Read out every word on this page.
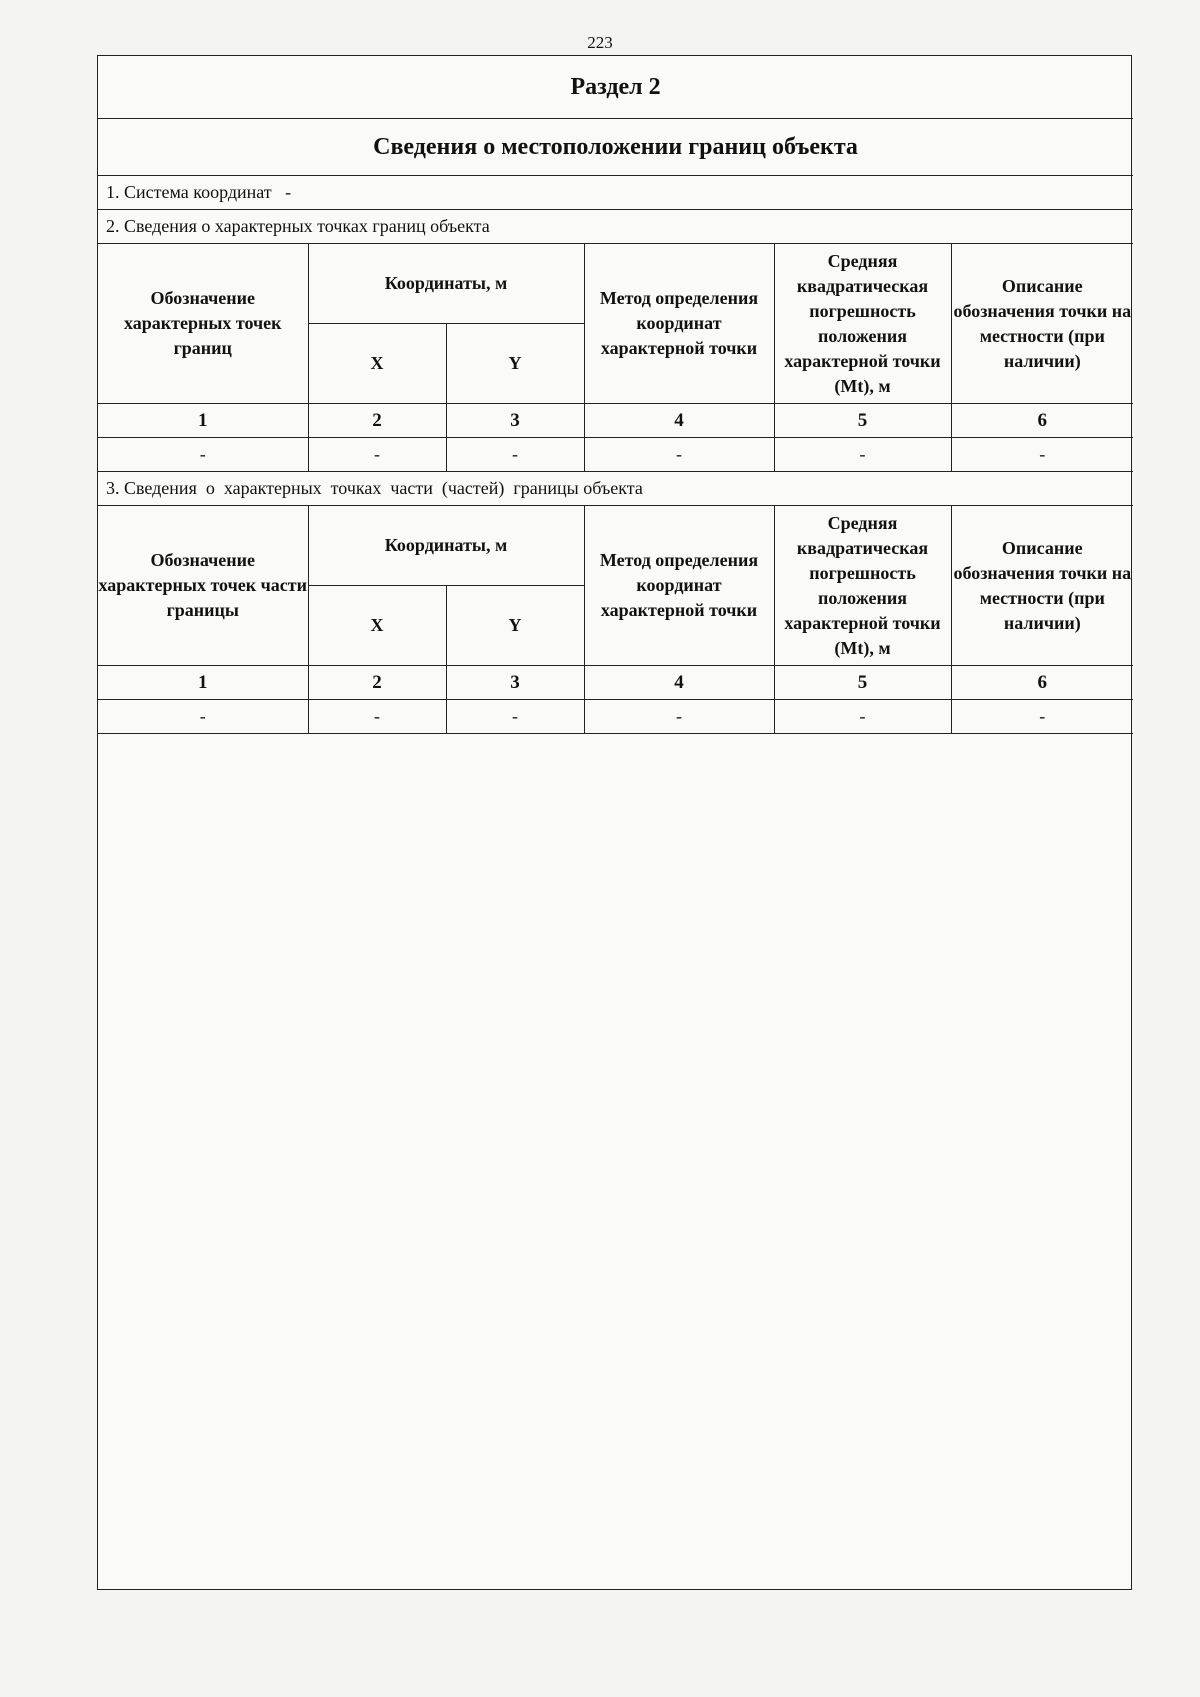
223
Раздел 2					
Сведения о местоположении границ объекта					
1. Система координат -					
2. Сведения о характерных точках границ объекта					
Обозначение характерных точек границ	Координаты, м		Метод определения координат характерной точки	Средняя квадратическая погрешность положения характерной точки (Mt), м	Описание обозначения точки на местности (при наличии)
	X	Y			
1	2	3	4	5	6
-	-	-	-	-	-
3. Сведения  о  характерных  точках  части  (частей)  границы объекта					
Обозначение характерных точек части границы	Координаты, м		Метод определения координат характерной точки	Средняя квадратическая погрешность положения характерной точки (Mt), м	Описание обозначения точки на местности (при наличии)
	X	Y			
1	2	3	4	5	6
-	-	-	-	-	-
